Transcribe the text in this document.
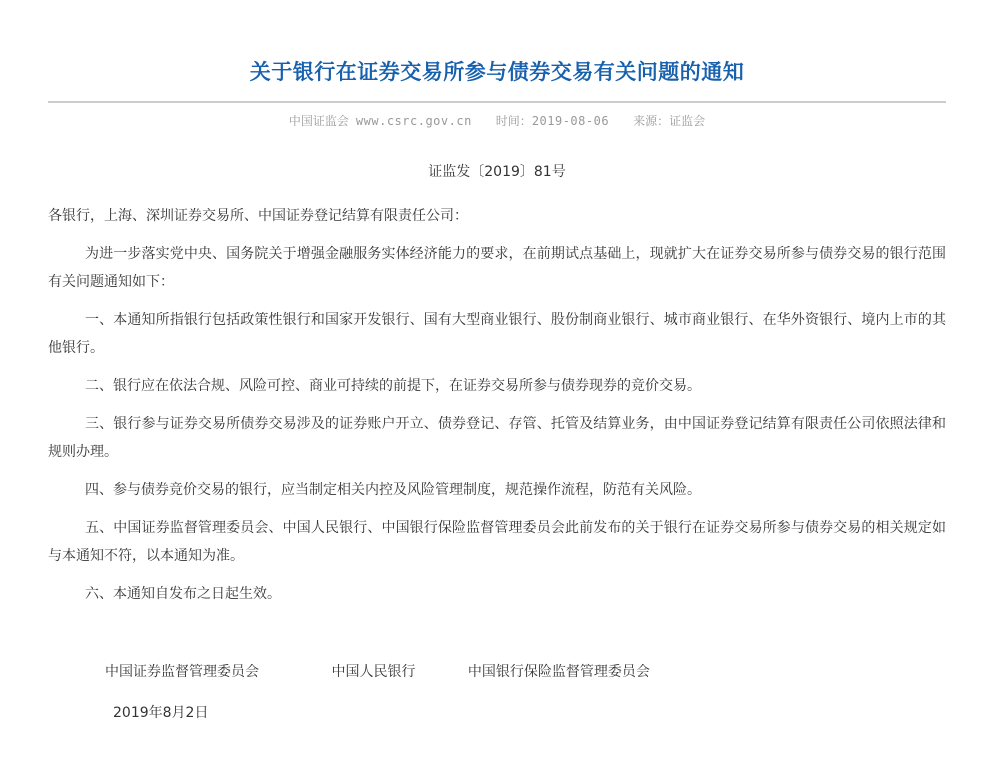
关于银行在证券交易所参与债券交易有关问题的通知
中国证监会 www.csrc.gov.cn 时间：2019-08-06 来源：证监会
证监发〔2019〕81号

各银行，上海、深圳证券交易所、中国证券登记结算有限责任公司：

为进一步落实党中央、国务院关于增强金融服务实体经济能力的要求，在前期试点基础上，现就扩大在证券交易所参与债券交易的银行范围有关问题通知如下：

一、本通知所指银行包括政策性银行和国家开发银行、国有大型商业银行、股份制商业银行、城市商业银行、在华外资银行、境内上市的其他银行。

二、银行应在依法合规、风险可控、商业可持续的前提下，在证券交易所参与债券现券的竞价交易。

三、银行参与证券交易所债券交易涉及的证券账户开立、债券登记、存管、托管及结算业务，由中国证券登记结算有限责任公司依照法律和规则办理。

四、参与债券竞价交易的银行，应当制定相关内控及风险管理制度，规范操作流程，防范有关风险。

五、中国证券监督管理委员会、中国人民银行、中国银行保险监督管理委员会此前发布的关于银行在证券交易所参与债券交易的相关规定如与本通知不符，以本通知为准。

六、本通知自发布之日起生效。

中国证券监督管理委员会	中国人民银行	中国银行保险监督管理委员会
2019年8月2日
